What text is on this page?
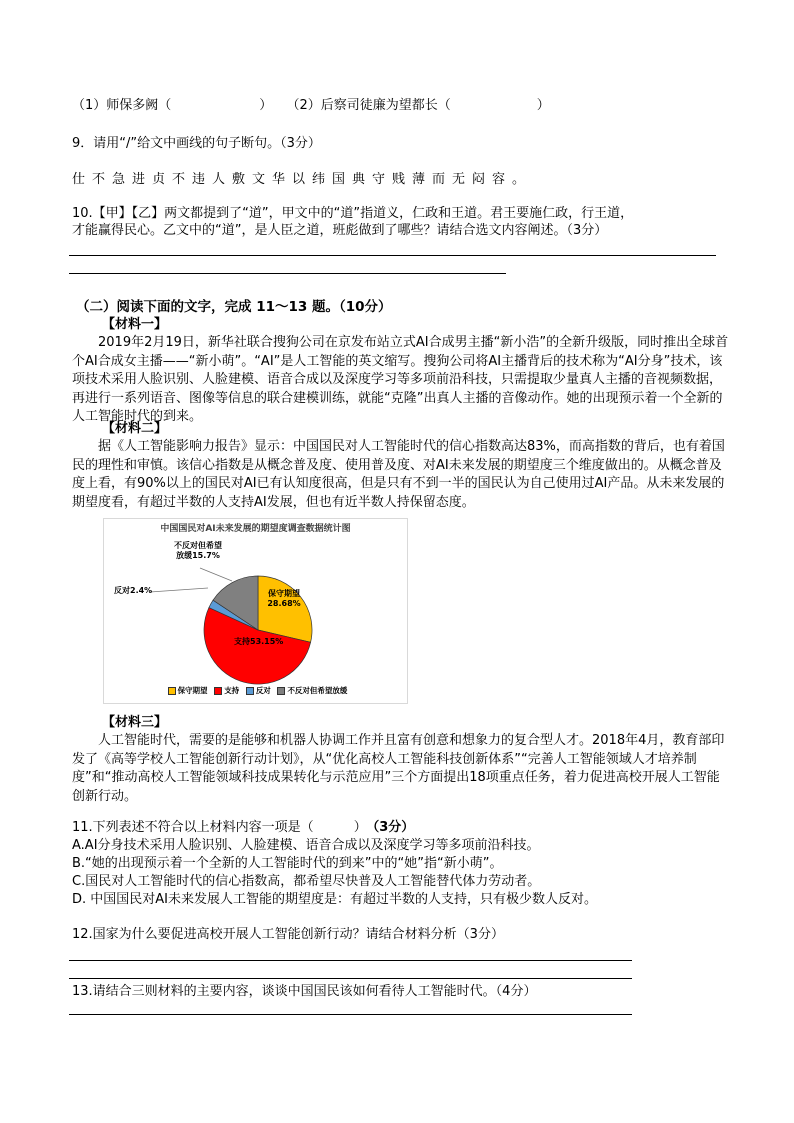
（1）师保多阙（	） （2）后察司徒廉为望都长（	）
9．请用“/”给文中画线的句子断句。（3分）
仕不急进贞不违人敷文华以纬国典守贱薄而无闷容。
10.【甲】【乙】两文都提到了“道”，甲文中的“道”指道义，仁政和王道。君王要施仁政，行王道，
才能赢得民心。乙文中的“道”，是人臣之道，班彪做到了哪些？请结合选文内容阐述。（3分）
（二）阅读下面的文字，完成 11～13 题。（10分）
【材料一】
2019年2月19日，新华社联合搜狗公司在京发布站立式AI合成男主播“新小浩”的全新升级版，同时推出全球首个AI合成女主播——“新小萌”。“AI”是人工智能的英文缩写。搜狗公司将AI主播背后的技术称为“AI分身”技术，该项技术采用人脸识别、人脸建模、语音合成以及深度学习等多项前沿科技，只需提取少量真人主播的音视频数据，再进行一系列语音、图像等信息的联合建模训练，就能“克隆”出真人主播的音像动作。她的出现预示着一个全新的人工智能时代的到来。
【材料二】
据《人工智能影响力报告》显示：中国国民对人工智能时代的信心指数高达83%，而高指数的背后，也有着国民的理性和审慎。该信心指数是从概念普及度、使用普及度、对AI未来发展的期望度三个维度做出的。从概念普及度上看，有90%以上的国民对AI已有认知度很高，但是只有不到一半的国民认为自己使用过AI产品。从未来发展的期望度看，有超过半数的人支持AI发展，但也有近半数人持保留态度。
中国国民对AI未来发展的期望度调查数据统计图
保守期望
28.68%
支持53.15%
反对2.4%
不反对但希望
放缓15.7%
保守期望 支持 反对 不反对但希望放缓
【材料三】
人工智能时代，需要的是能够和机器人协调工作并且富有创意和想象力的复合型人才。2018年4月，教育部印发了《高等学校人工智能创新行动计划》，从“优化高校人工智能科技创新体系”“完善人工智能领域人才培养制度”和“推动高校人工智能领域科技成果转化与示范应用”三个方面提出18项重点任务，着力促进高校开展人工智能创新行动。
11.下列表述不符合以上材料内容一项是（	） （3分）
A.AI分身技术采用人脸识别、人脸建模、语音合成以及深度学习等多项前沿科技。
B.“她的出现预示着一个全新的人工智能时代的到来”中的“她”指“新小萌”。
C.国民对人工智能时代的信心指数高，都希望尽快普及人工智能替代体力劳动者。
D. 中国国民对AI未来发展人工智能的期望度是：有超过半数的人支持，只有极少数人反对。
12.国家为什么要促进高校开展人工智能创新行动？请结合材料分析（3分）
13.请结合三则材料的主要内容，谈谈中国国民该如何看待人工智能时代。（4分）
